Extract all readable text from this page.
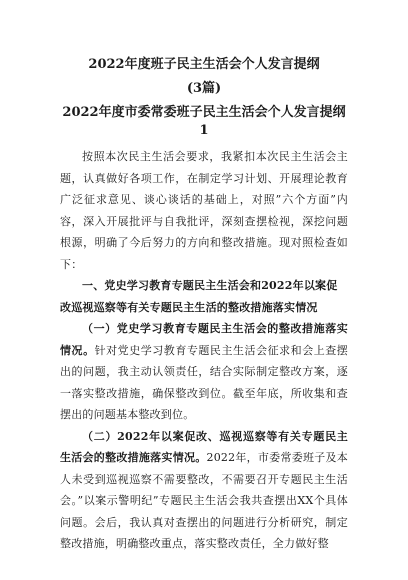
2022年度班子民主生活会个人发言提纲

(3篇)

2022年度市委常委班子民主生活会个人发言提纲1

按照本次民主生活会要求，我紧扣本次民主生活会主题，认真做好各项工作，在制定学习计划、开展理论教育广泛征求意见、谈心谈话的基础上，对照”六个方面”内容，深入开展批评与自我批评，深刻查摆检视，深挖问题根源，明确了今后努力的方向和整改措施。现对照检查如下：

一、党史学习教育专题民主生活会和2022年以案促改巡视巡察等有关专题民主生活的整改措施落实情况

（一）党史学习教育专题民主生活会的整改措施落实情况。针对党史学习教育专题民主生活会征求和会上查摆出的问题，我主动认领责任，结合实际制定整改方案，逐一落实整改措施，确保整改到位。截至年底，所收集和查摆出的问题基本整改到位。

（二）2022年以案促改、巡视巡察等有关专题民主生活会的整改措施落实情况。2022年，市委常委班子及本人未受到巡视巡察不需要整改，不需要召开专题民主生活会。”以案示警明纪”专题民主生活会我共查摆出XX个具体问题。会后，我认真对查摆出的问题进行分析研究，制定整改措施，明确整改重点，落实整改责任，全力做好整
